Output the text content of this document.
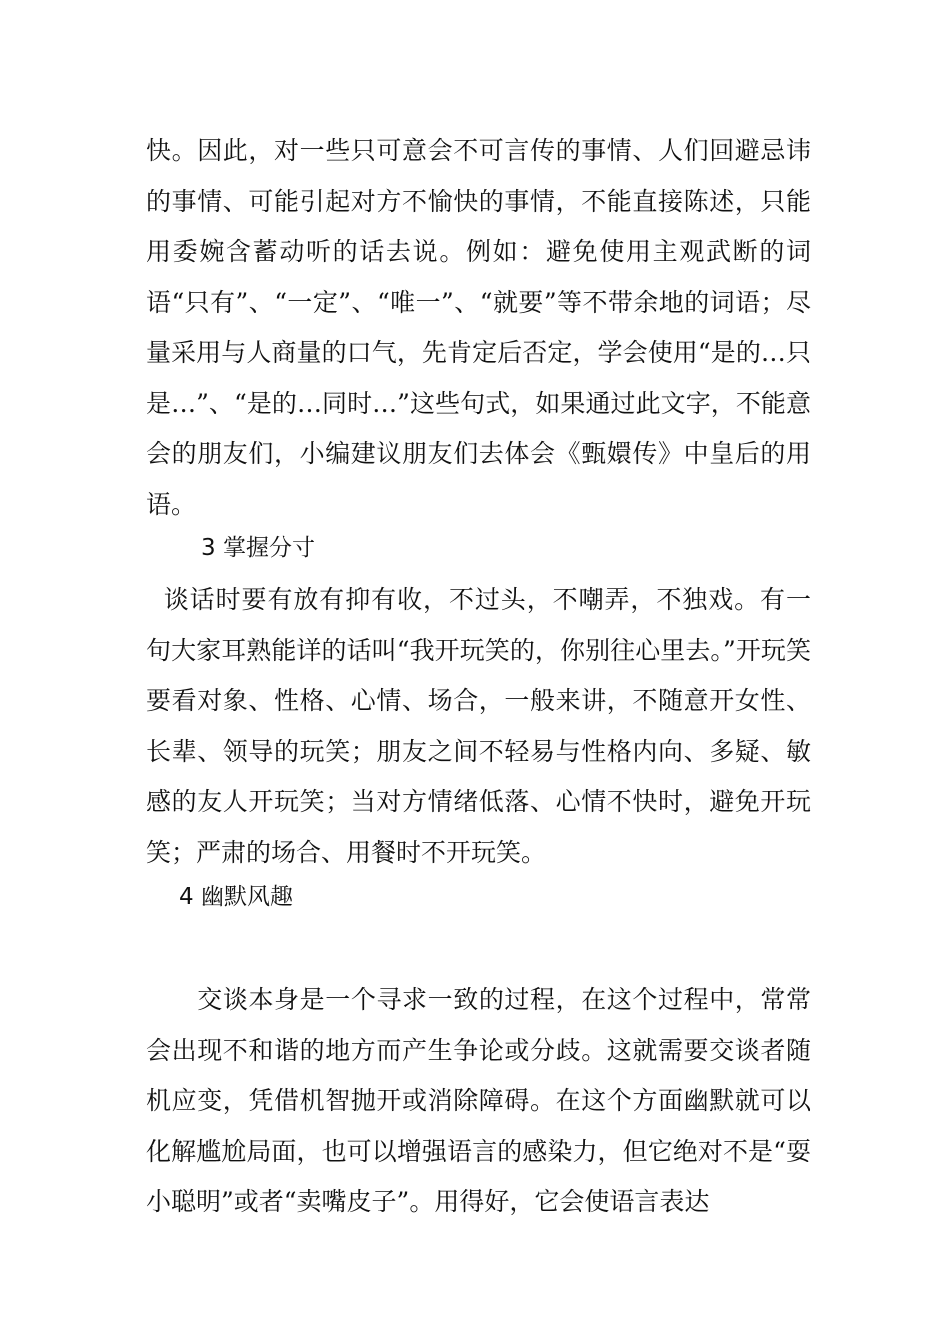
快。因此，对一些只可意会不可言传的事情、人们回避忌讳的事情、可能引起对方不愉快的事情，不能直接陈述，只能用委婉含蓄动听的话去说。例如：避免使用主观武断的词语“只有”、“一定”、“唯一”、“就要”等不带余地的词语；尽量采用与人商量的口气，先肯定后否定，学会使用“是的…只是…”、“是的…同时…”这些句式，如果通过此文字，不能意会的朋友们，小编建议朋友们去体会《甄嬛传》中皇后的用语。
3 掌握分寸
谈话时要有放有抑有收，不过头，不嘲弄，不独戏。有一句大家耳熟能详的话叫“我开玩笑的，你别往心里去。”开玩笑要看对象、性格、心情、场合，一般来讲，不随意开女性、长辈、领导的玩笑；朋友之间不轻易与性格内向、多疑、敏感的友人开玩笑；当对方情绪低落、心情不快时，避免开玩笑；严肃的场合、用餐时不开玩笑。
4 幽默风趣
交谈本身是一个寻求一致的过程，在这个过程中，常常会出现不和谐的地方而产生争论或分歧。这就需要交谈者随机应变，凭借机智抛开或消除障碍。在这个方面幽默就可以化解尴尬局面，也可以增强语言的感染力，但它绝对不是“耍小聪明”或者“卖嘴皮子”。用得好，它会使语言表达
